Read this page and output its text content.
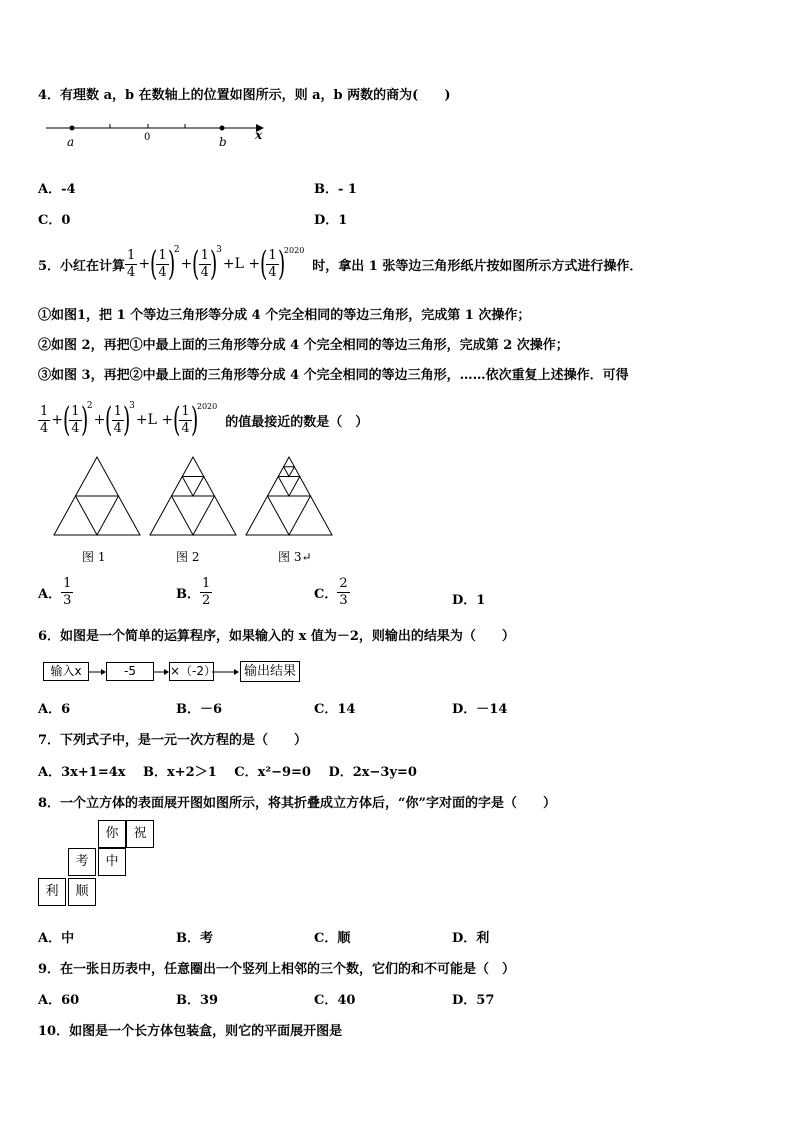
4．有理数 a，b 在数轴上的位置如图所示，则 a，b 两数的商为(　　)
a	0	b x
A．-4	B．- 1
C．0	D．1
5．小红在计算 $\frac{1}{4}$ + (
$\frac{1}{4}$
)
2
+ (
$\frac{1}{4}$
)
3
+L + (
$\frac{1}{4}$
)
2020
时，拿出 1 张等边三角形纸片按如图所示方式进行操作．
①如图1，把 1 个等边三角形等分成 4 个完全相同的等边三角形，完成第 1 次操作；
②如图 2，再把①中最上面的三角形等分成 4 个完全相同的等边三角形，完成第 2 次操作；
③如图 3，再把②中最上面的三角形等分成 4 个完全相同的等边三角形，……依次重复上述操作．可得
$\frac{1}{4}$ + (
$\frac{1}{4}$
)
2
+ (
$\frac{1}{4}$
)
3
+L + (
$\frac{1}{4}$
)
2020
的值最接近的数是（　）
图 1	图 2	图 3↵
A． $\frac{1}{3}$	B． $\frac{1}{2}$	C． $\frac{2}{3}$	D．1
6．如图是一个简单的运算程序，如果输入的 x 值为－2，则输出的结果为（　　）
输入x	-5	×（-2）	输出结果
A．6	B．－6	C．14	D．－14
7．下列式子中，是一元一次方程的是（　　）
A．3x+1=4x　 B．x+2＞1　 C．x²−9=0　 D．2x−3y=0
8．一个立方体的表面展开图如图所示，将其折叠成立方体后，“你”字对面的字是（　　）
你	祝
考	中
利	顺
A．中	B．考	C．顺	D．利
9．在一张日历表中，任意圈出一个竖列上相邻的三个数，它们的和不可能是（　）
A．60	B．39	C．40	D．57
10．如图是一个长方体包装盒，则它的平面展开图是
